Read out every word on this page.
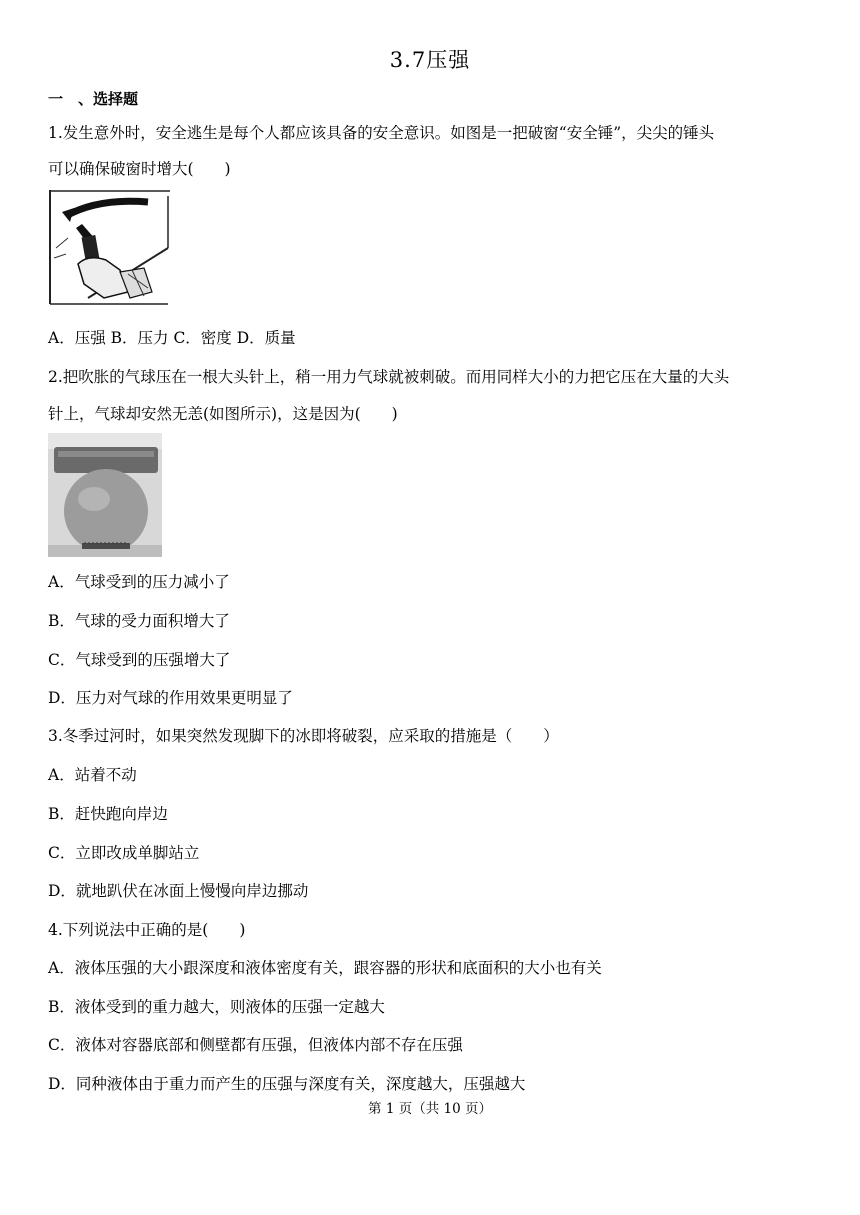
3.7压强
一　、选择题
1.发生意外时，安全逃生是每个人都应该具备的安全意识。如图是一把破窗“安全锤”，尖尖的锤头
可以确保破窗时增大(　　)
A．压强 B．压力 C．密度 D．质量
2.把吹胀的气球压在一根大头针上，稍一用力气球就被刺破。而用同样大小的力把它压在大量的大头
针上，气球却安然无恙(如图所示)，这是因为(　　)
A．气球受到的压力减小了
B．气球的受力面积增大了
C．气球受到的压强增大了
D．压力对气球的作用效果更明显了
3.冬季过河时，如果突然发现脚下的冰即将破裂，应采取的措施是（　　）
A．站着不动
B．赶快跑向岸边
C．立即改成单脚站立
D．就地趴伏在冰面上慢慢向岸边挪动
4.下列说法中正确的是(　　)
A．液体压强的大小跟深度和液体密度有关，跟容器的形状和底面积的大小也有关
B．液体受到的重力越大，则液体的压强一定越大
C．液体对容器底部和侧壁都有压强，但液体内部不存在压强
D．同种液体由于重力而产生的压强与深度有关，深度越大，压强越大
第 1 页（共 10 页）
